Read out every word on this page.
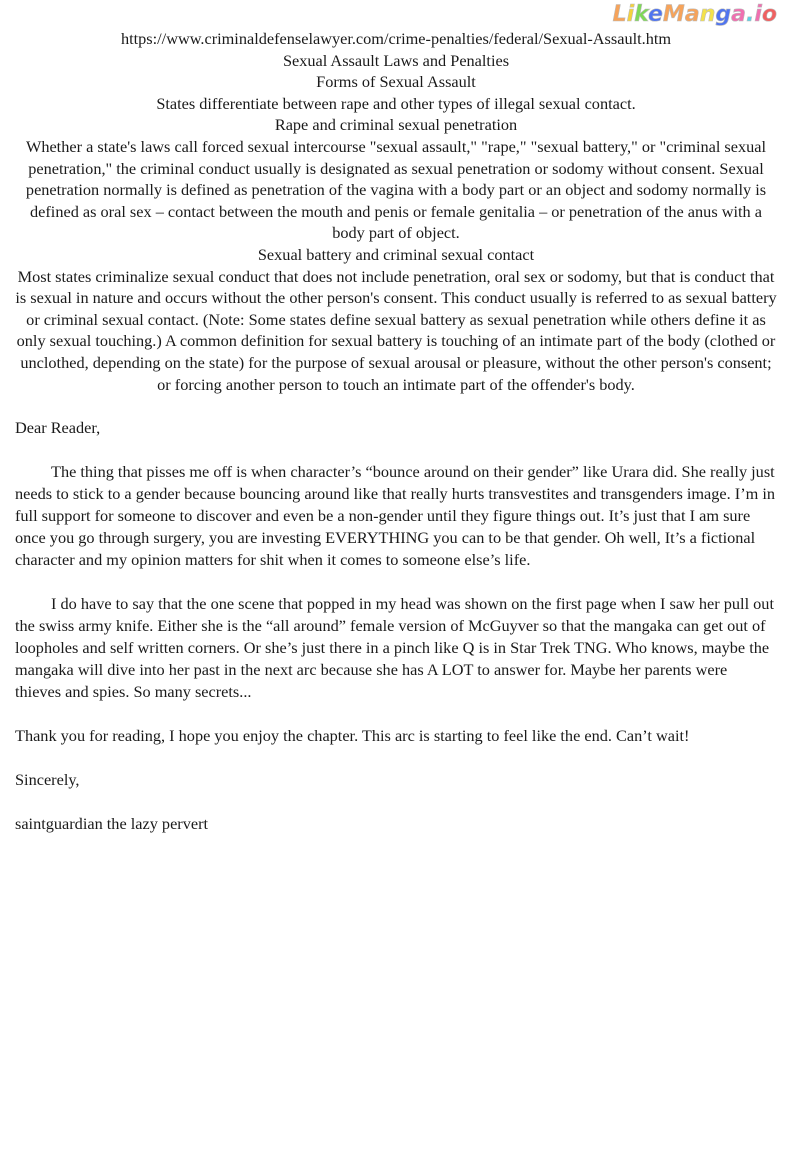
LikeManga.io

https://www.criminaldefenselawyer.com/crime-penalties/federal/Sexual-Assault.htm

Sexual Assault Laws and Penalties

Forms of Sexual Assault

States differentiate between rape and other types of illegal sexual contact.

Rape and criminal sexual penetration

Whether a state's laws call forced sexual intercourse "sexual assault," "rape," "sexual battery," or "criminal sexual penetration," the criminal conduct usually is designated as sexual penetration or sodomy without consent. Sexual penetration normally is defined as penetration of the vagina with a body part or an object and sodomy normally is defined as oral sex – contact between the mouth and penis or female genitalia – or penetration of the anus with a body part of object.

Sexual battery and criminal sexual contact

Most states criminalize sexual conduct that does not include penetration, oral sex or sodomy, but that is conduct that is sexual in nature and occurs without the other person's consent. This conduct usually is referred to as sexual battery or criminal sexual contact. (Note: Some states define sexual battery as sexual penetration while others define it as only sexual touching.) A common definition for sexual battery is touching of an intimate part of the body (clothed or unclothed, depending on the state) for the purpose of sexual arousal or pleasure, without the other person's consent; or forcing another person to touch an intimate part of the offender's body.

Dear Reader,

The thing that pisses me off is when character’s “bounce around on their gender” like Urara did. She really just needs to stick to a gender because bouncing around like that really hurts transvestites and transgenders image. I’m in full support for someone to discover and even be a non-gender until they figure things out. It’s just that I am sure once you go through surgery, you are investing EVERYTHING you can to be that gender. Oh well, It’s a fictional character and my opinion matters for shit when it comes to someone else’s life.

I do have to say that the one scene that popped in my head was shown on the first page when I saw her pull out the swiss army knife. Either she is the “all around” female version of McGuyver so that the mangaka can get out of loopholes and self written corners. Or she’s just there in a pinch like Q is in Star Trek TNG. Who knows, maybe the mangaka will dive into her past in the next arc because she has A LOT to answer for. Maybe her parents were thieves and spies. So many secrets...

Thank you for reading, I hope you enjoy the chapter. This arc is starting to feel like the end. Can’t wait!

Sincerely,

saintguardian the lazy pervert
